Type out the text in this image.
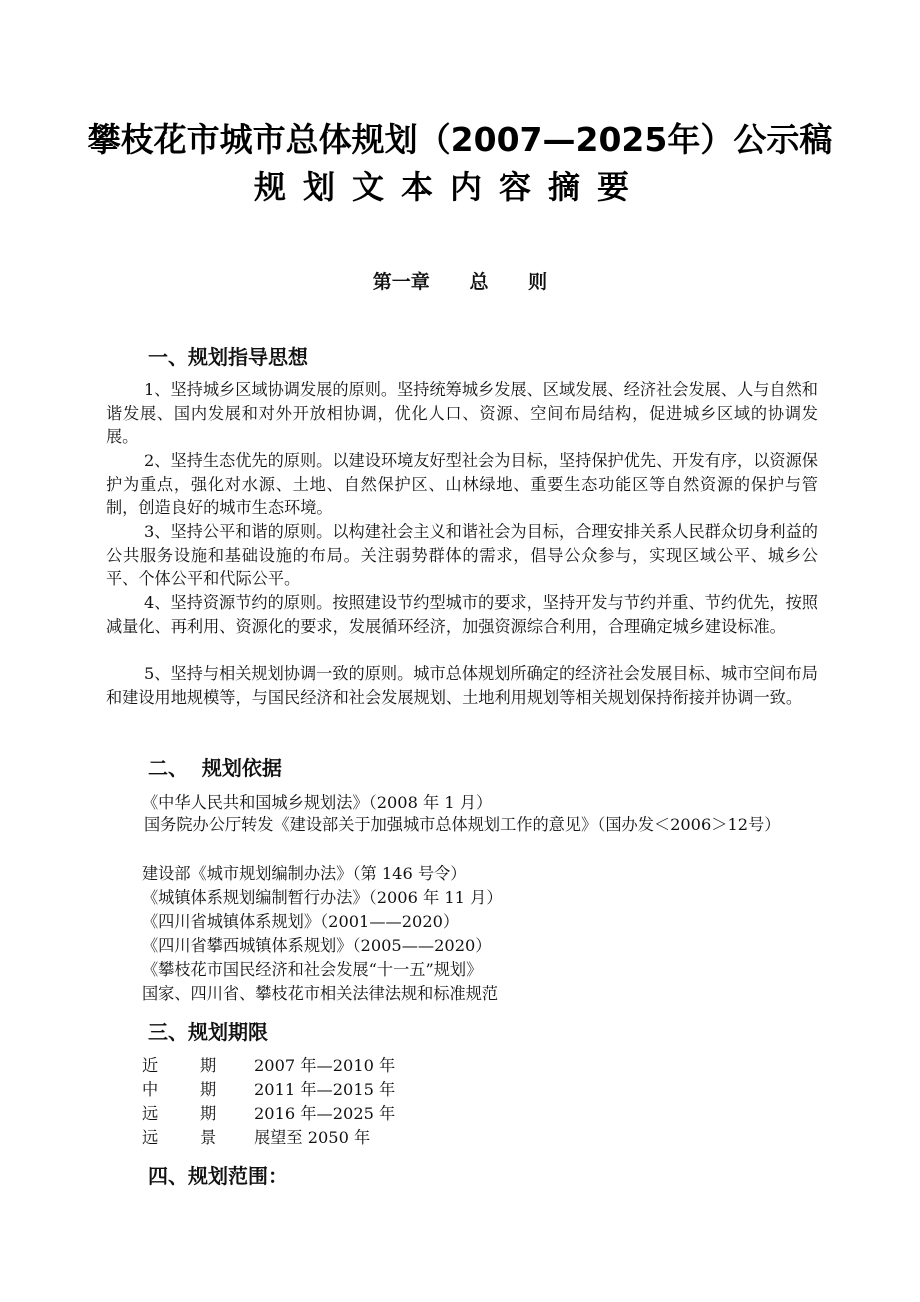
攀枝花市城市总体规划（2007—2025年）公示稿
规划文本内容摘要
第一章      总      则
一、规划指导思想
1、坚持城乡区域协调发展的原则。坚持统筹城乡发展、区域发展、经济社会发展、人与自然和谐发展、国内发展和对外开放相协调，优化人口、资源、空间布局结构，促进城乡区域的协调发展。
2、坚持生态优先的原则。以建设环境友好型社会为目标，坚持保护优先、开发有序，以资源保护为重点，强化对水源、土地、自然保护区、山林绿地、重要生态功能区等自然资源的保护与管制，创造良好的城市生态环境。
3、坚持公平和谐的原则。以构建社会主义和谐社会为目标，合理安排关系人民群众切身利益的公共服务设施和基础设施的布局。关注弱势群体的需求，倡导公众参与，实现区域公平、城乡公平、个体公平和代际公平。
4、坚持资源节约的原则。按照建设节约型城市的要求，坚持开发与节约并重、节约优先，按照减量化、再利用、资源化的要求，发展循环经济，加强资源综合利用，合理确定城乡建设标准。
5、坚持与相关规划协调一致的原则。城市总体规划所确定的经济社会发展目标、城市空间布局和建设用地规模等，与国民经济和社会发展规划、土地利用规划等相关规划保持衔接并协调一致。
二、  规划依据
《中华人民共和国城乡规划法》（2008 年 1 月）
国务院办公厅转发《建设部关于加强城市总体规划工作的意见》（国办发＜2006＞12号）
建设部《城市规划编制办法》（第 146 号令）
《城镇体系规划编制暂行办法》（2006 年 11 月）
《四川省城镇体系规划》（2001——2020）
《四川省攀西城镇体系规划》（2005——2020）
《攀枝花市国民经济和社会发展“十一五”规划》
国家、四川省、攀枝花市相关法律法规和标准规范
三、规划期限
近	期 2007 年—2010 年
中	期 2011 年—2015 年
远	期 2016 年—2025 年
远	景 展望至 2050 年
四、规划范围：
